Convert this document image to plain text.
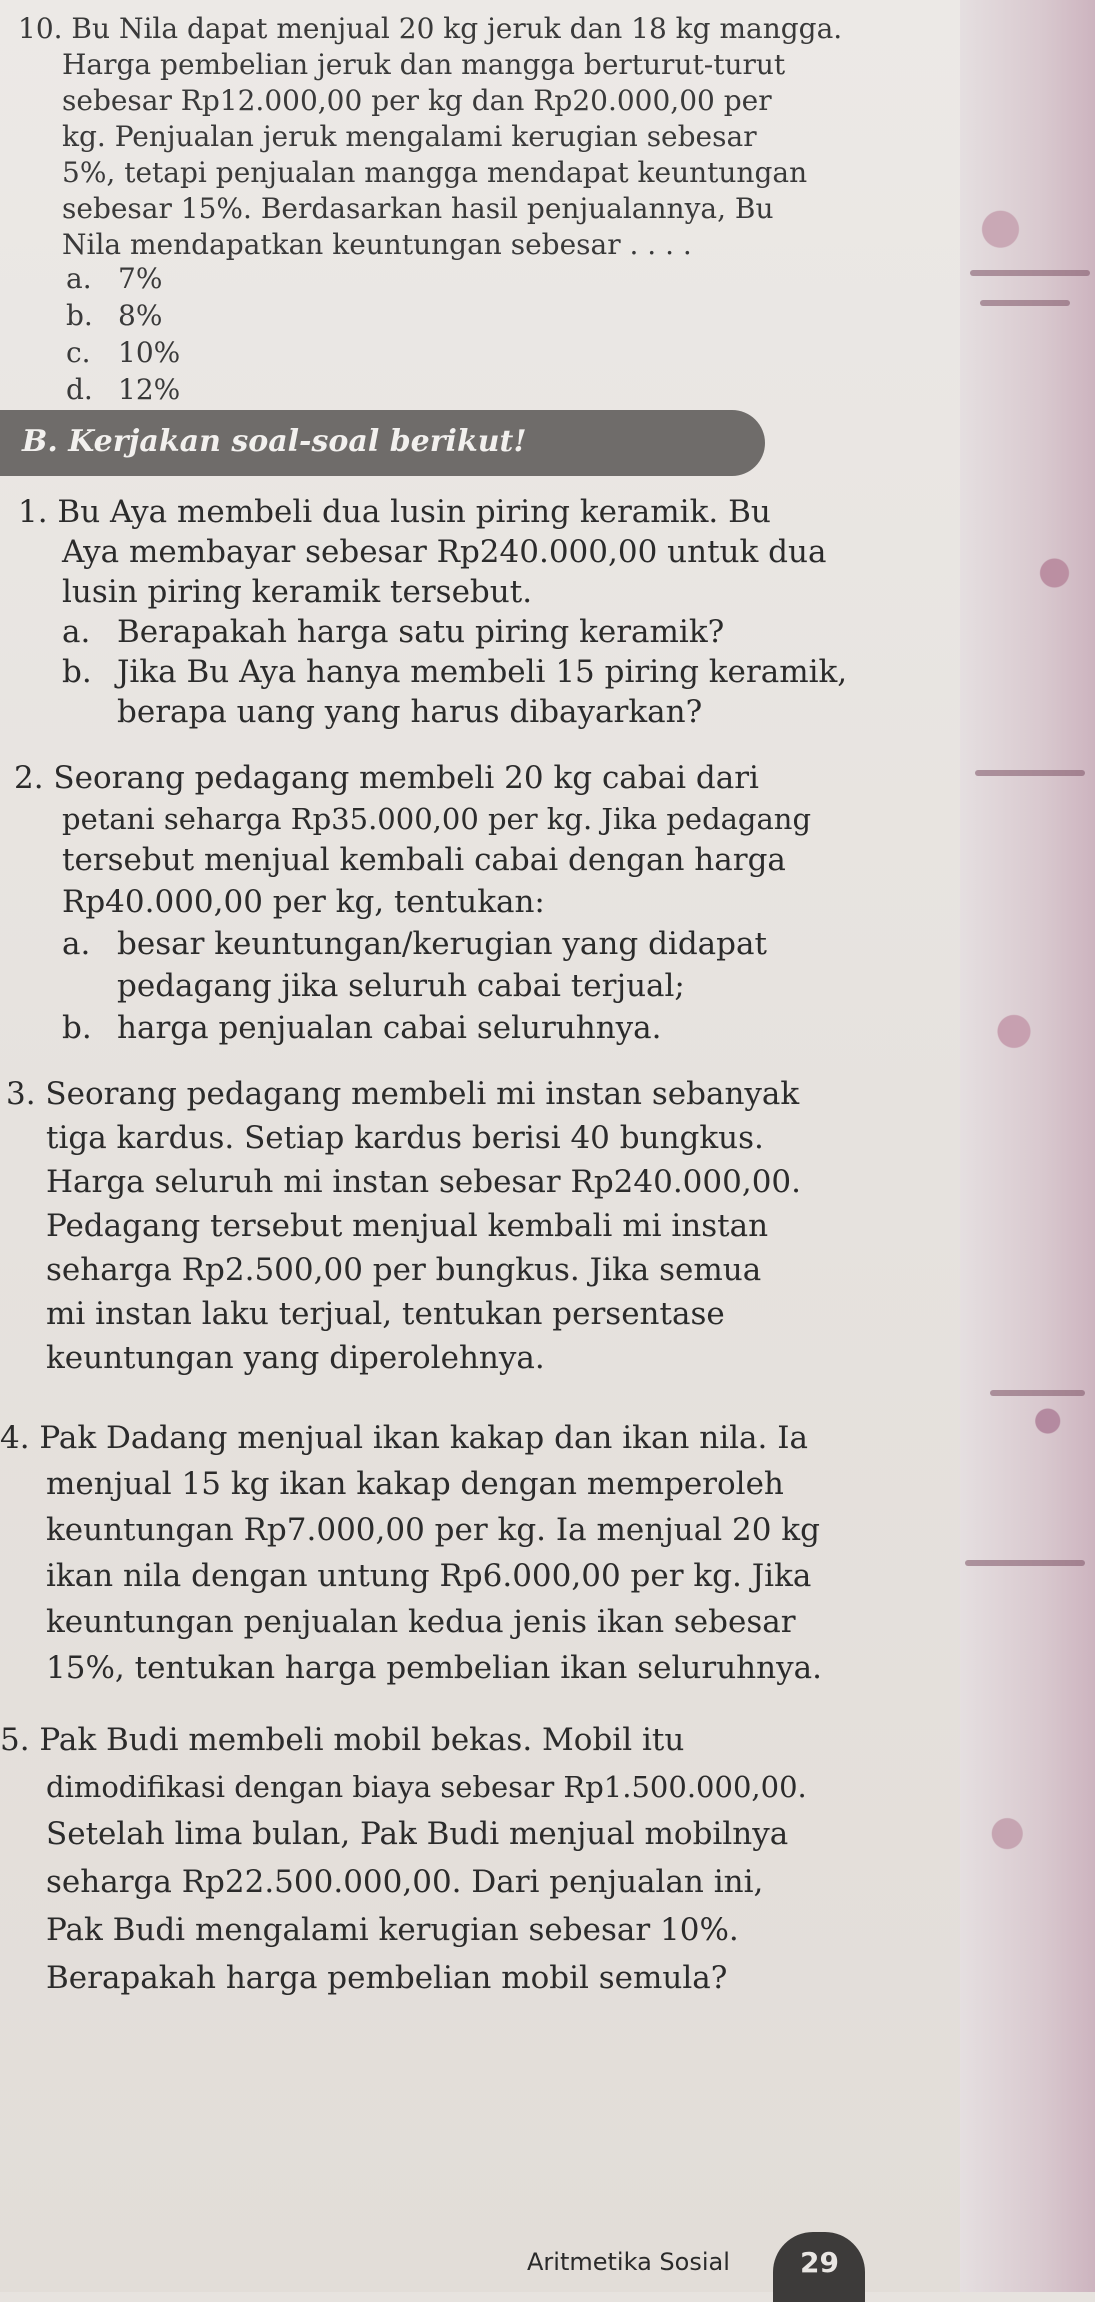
10. Bu Nila dapat menjual 20 kg jeruk dan 18 kg mangga.
Harga pembelian jeruk dan mangga berturut-turut
sebesar Rp12.000,00 per kg dan Rp20.000,00 per
kg. Penjualan jeruk mengalami kerugian sebesar
5%, tetapi penjualan mangga mendapat keuntungan
sebesar 15%. Berdasarkan hasil penjualannya, Bu
Nila mendapatkan keuntungan sebesar . . . .
a. 7%
b. 8%
c. 10%
d. 12%
B. Kerjakan soal-soal berikut!
1. Bu Aya membeli dua lusin piring keramik. Bu
Aya membayar sebesar Rp240.000,00 untuk dua
lusin piring keramik tersebut.
a. Berapakah harga satu piring keramik?
b. Jika Bu Aya hanya membeli 15 piring keramik,
berapa uang yang harus dibayarkan?
2. Seorang pedagang membeli 20 kg cabai dari
petani seharga Rp35.000,00 per kg. Jika pedagang
tersebut menjual kembali cabai dengan harga
Rp40.000,00 per kg, tentukan:
a. besar keuntungan/kerugian yang didapat
pedagang jika seluruh cabai terjual;
b. harga penjualan cabai seluruhnya.
3. Seorang pedagang membeli mi instan sebanyak
tiga kardus. Setiap kardus berisi 40 bungkus.
Harga seluruh mi instan sebesar Rp240.000,00.
Pedagang tersebut menjual kembali mi instan
seharga Rp2.500,00 per bungkus. Jika semua
mi instan laku terjual, tentukan persentase
keuntungan yang diperolehnya.
4. Pak Dadang menjual ikan kakap dan ikan nila. Ia
menjual 15 kg ikan kakap dengan memperoleh
keuntungan Rp7.000,00 per kg. Ia menjual 20 kg
ikan nila dengan untung Rp6.000,00 per kg. Jika
keuntungan penjualan kedua jenis ikan sebesar
15%, tentukan harga pembelian ikan seluruhnya.
5. Pak Budi membeli mobil bekas. Mobil itu
dimodifikasi dengan biaya sebesar Rp1.500.000,00.
Setelah lima bulan, Pak Budi menjual mobilnya
seharga Rp22.500.000,00. Dari penjualan ini,
Pak Budi mengalami kerugian sebesar 10%.
Berapakah harga pembelian mobil semula?
Aritmetika Sosial	29
